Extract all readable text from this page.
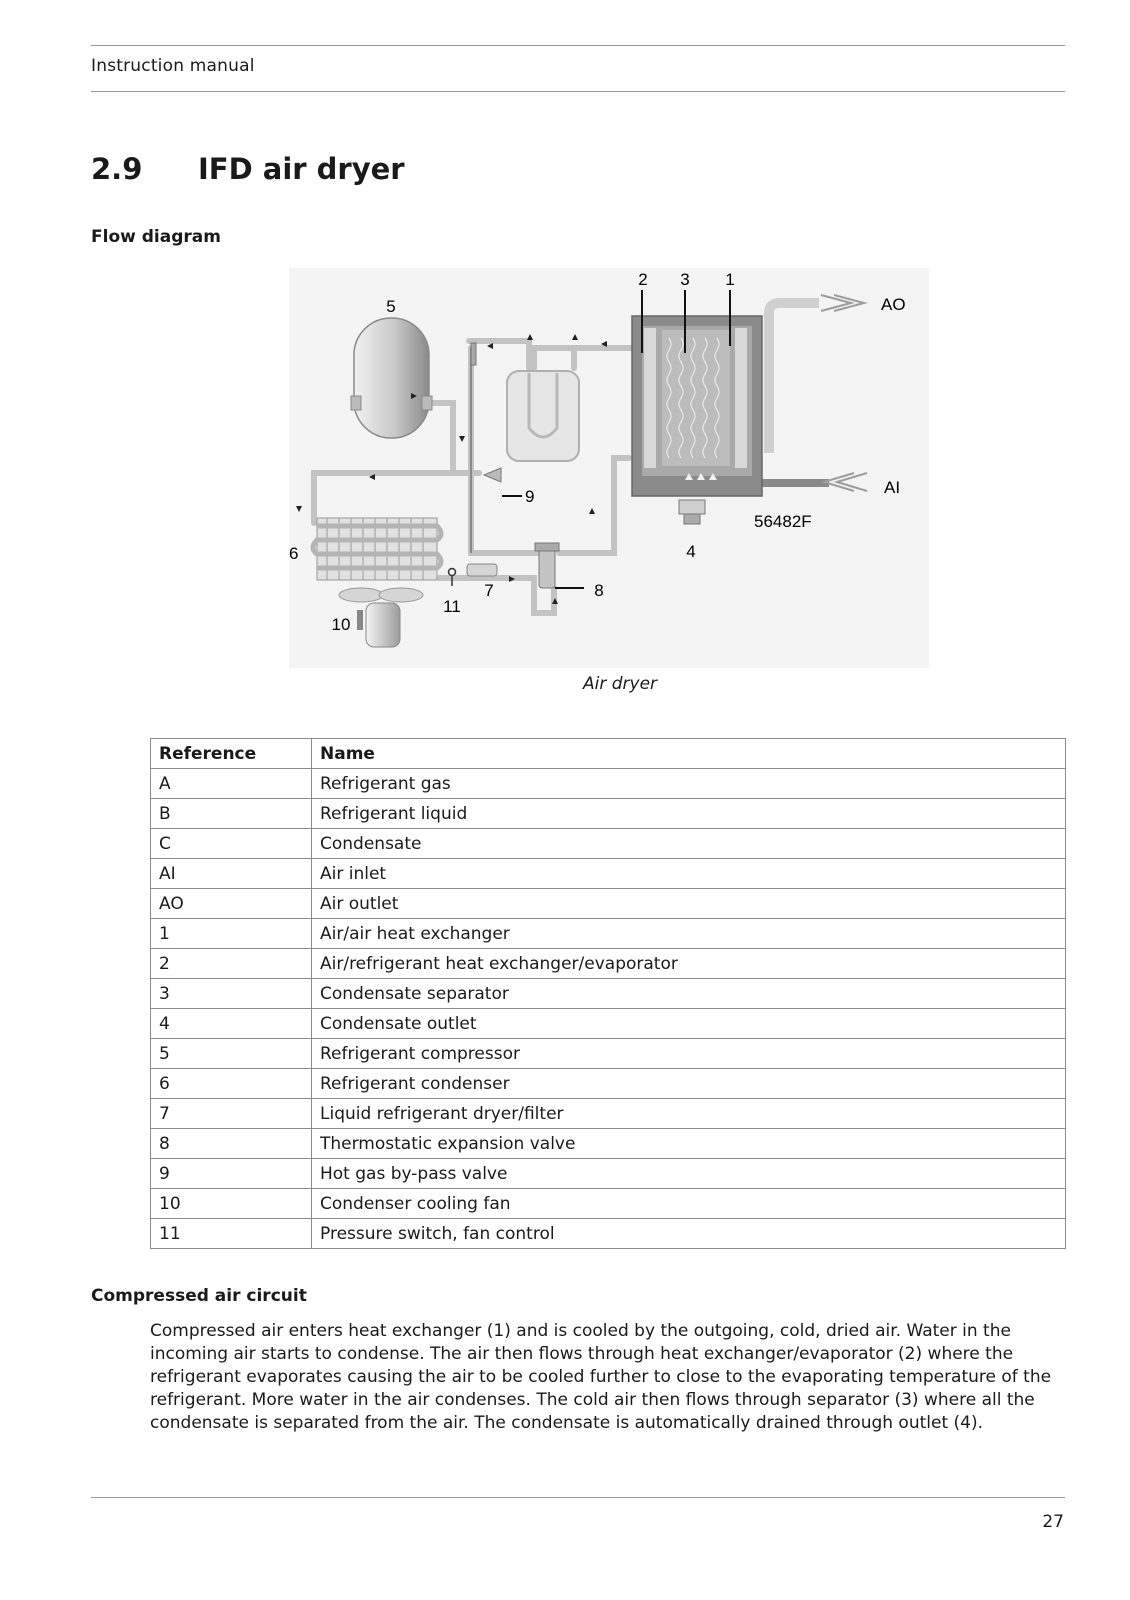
Instruction manual
2.9 IFD air dryer
Flow diagram
2 3 1
5	AO
AI
56482F
9
4
6
7	8
11
10
Air dryer
Reference	Name
A	Refrigerant gas
B	Refrigerant liquid
C	Condensate
AI	Air inlet
AO	Air outlet
1	Air/air heat exchanger
2	Air/refrigerant heat exchanger/evaporator
3	Condensate separator
4	Condensate outlet
5	Refrigerant compressor
6	Refrigerant condenser
7	Liquid refrigerant dryer/filter
8	Thermostatic expansion valve
9	Hot gas by-pass valve
10	Condenser cooling fan
11	Pressure switch, fan control
Compressed air circuit

Compressed air enters heat exchanger (1) and is cooled by the outgoing, cold, dried air. Water in the incoming air starts to condense. The air then flows through heat exchanger/evaporator (2) where the refrigerant evaporates causing the air to be cooled further to close to the evaporating temperature of the refrigerant. More water in the air condenses. The cold air then flows through separator (3) where all the condensate is separated from the air. The condensate is automatically drained through outlet (4).

27
